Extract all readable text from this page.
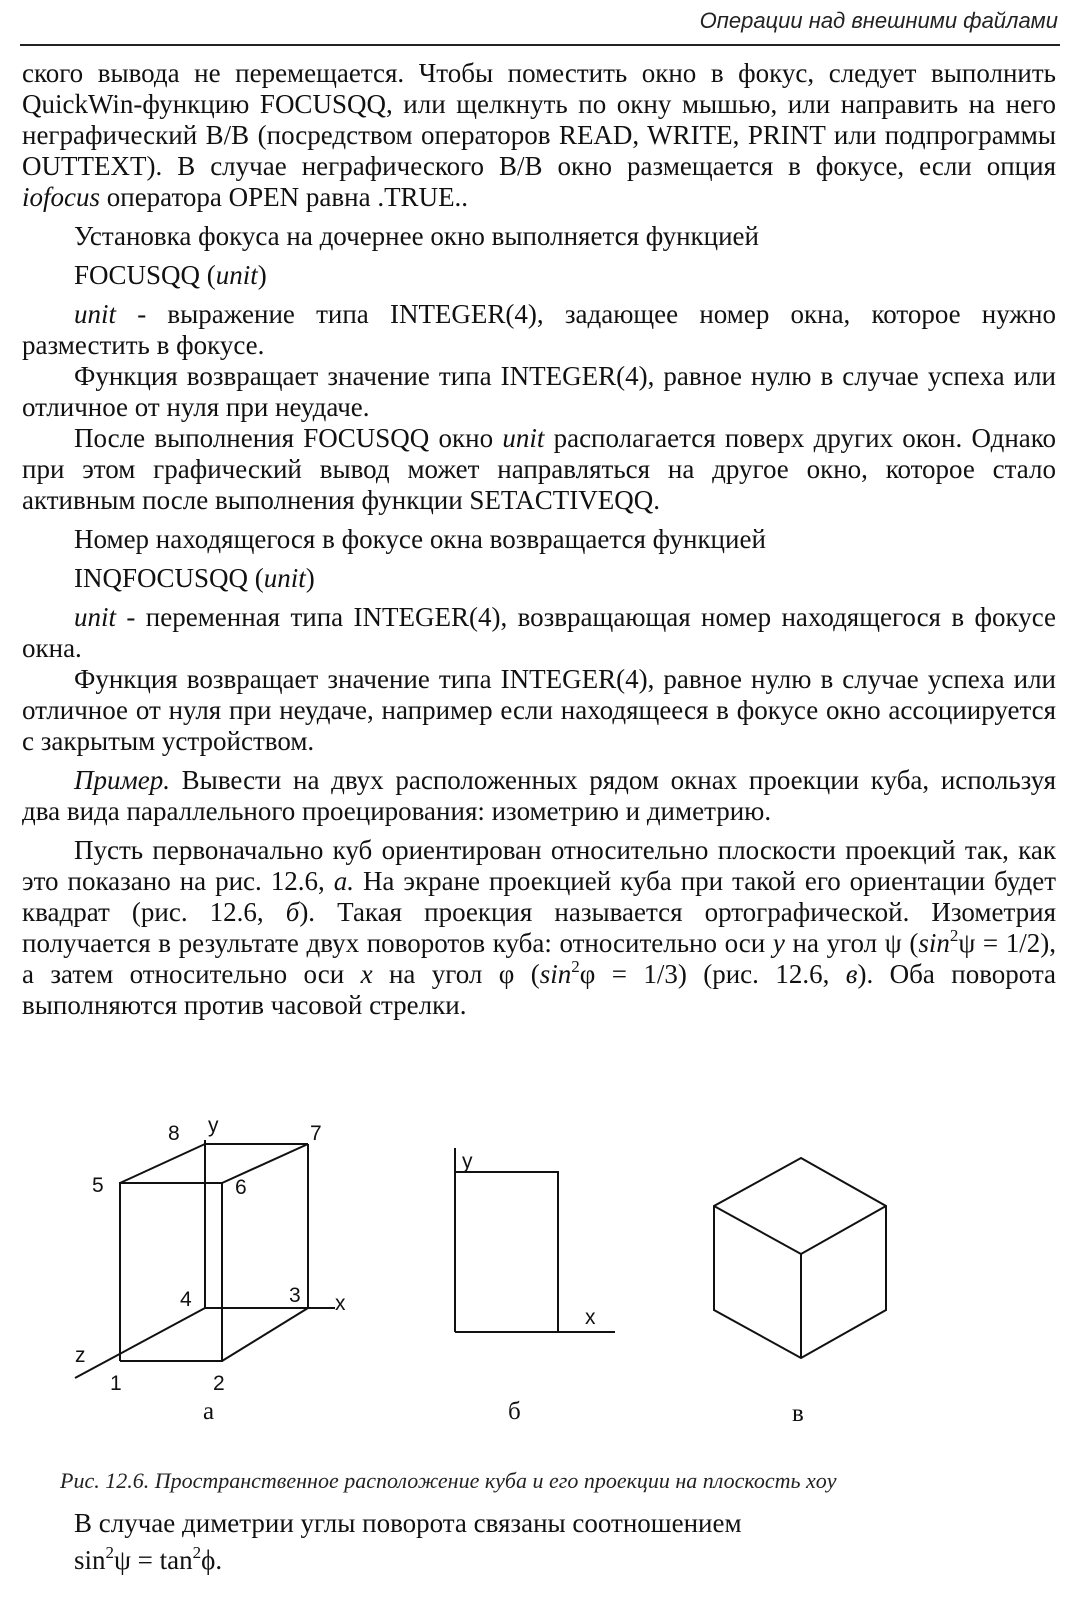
Операции над внешними файлами

ского вывода не перемещается. Чтобы поместить окно в фокус, следует выполнить QuickWin-функцию FOCUSQQ, или щелкнуть по окну мышью, или направить на него неграфический В/В (посредством операторов READ, WRITE, PRINT или подпрограммы OUTTEXT). В случае неграфического В/В окно размещается в фокусе, если опция iofocus оператора OPEN равна .TRUE..

Установка фокуса на дочернее окно выполняется функцией

FOCUSQQ (unit)

unit - выражение типа INTEGER(4), задающее номер окна, которое нужно разместить в фокусе.

Функция возвращает значение типа INTEGER(4), равное нулю в случае успеха или отличное от нуля при неудаче.

После выполнения FOCUSQQ окно unit располагается поверх других окон. Однако при этом графический вывод может направляться на другое окно, которое стало активным после выполнения функции SETACTIVEQQ.

Номер находящегося в фокусе окна возвращается функцией

INQFOCUSQQ (unit)

unit - переменная типа INTEGER(4), возвращающая номер находящегося в фокусе окна.

Функция возвращает значение типа INTEGER(4), равное нулю в случае успеха или отличное от нуля при неудаче, например если находящееся в фокусе окно ассоциируется с закрытым устройством.

Пример. Вывести на двух расположенных рядом окнах проекции куба, используя два вида параллельного проецирования: изометрию и диметрию.

Пусть первоначально куб ориентирован относительно плоскости проекций так, как это показано на рис. 12.6, а. На экране проекцией куба при такой его ориентации будет квадрат (рис. 12.6, б). Такая проекция называется ортографической. Изометрия получается в результате двух поворотов куба: относительно оси y на угол ψ $(\sin^2\psi = 1/2)$, а затем относительно оси x на угол φ $(\sin^2\varphi = 1/3)$ (рис. 12.6, в). Оба поворота выполняются против часовой стрелки.

y
8	7
5	6
4	3 x
z
1	2
а
y
x
б	в
Рис. 12.6. Пространственное расположение куба и его проекции на плоскость xoy

В случае диметрии углы поворота связаны соотношением

$\sin^2\psi = \tan^2\phi$.
